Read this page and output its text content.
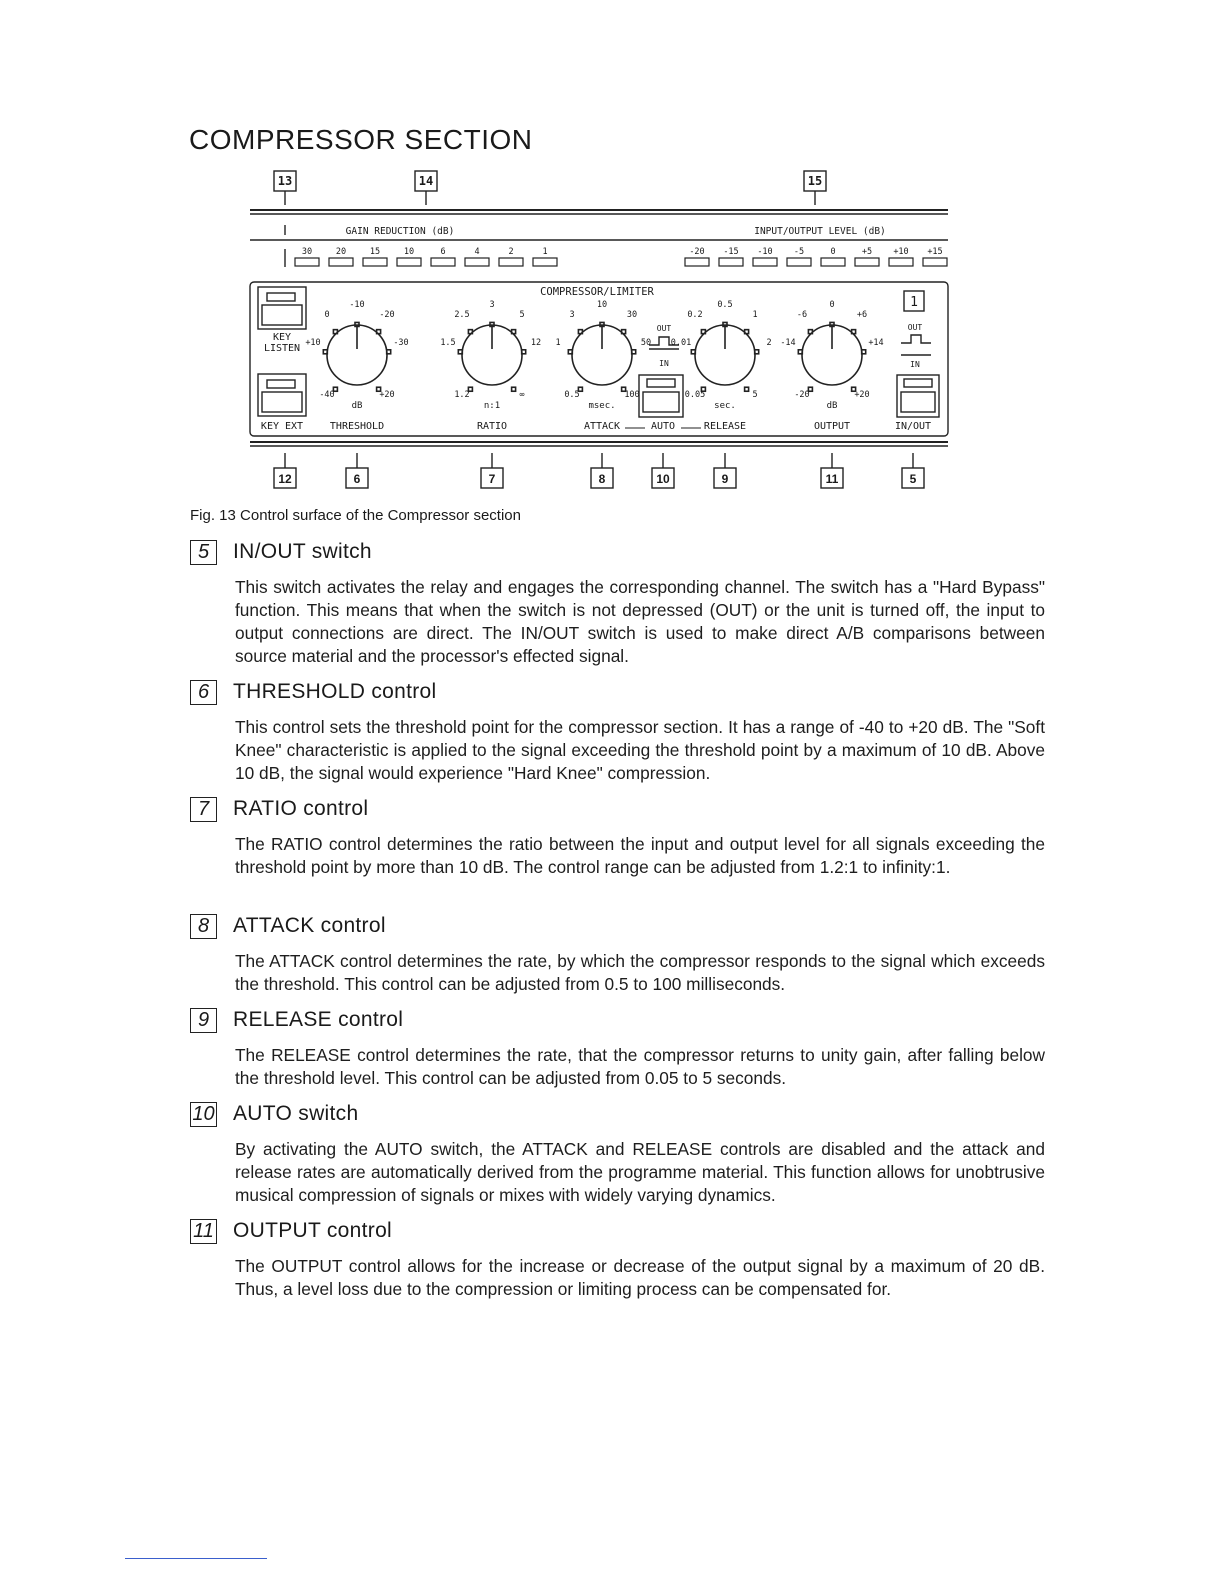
COMPRESSOR SECTION
12	6	7	8	10	9	11	5
13	14	15
GAIN REDUCTION (dB)	INPUT/OUTPUT LEVEL (dB)
30	20	15	10	6	4	2	1	-20 -15 -10 -5	0	+5 +10 +15
COMPRESSOR/LIMITER
1
KEY
LISTEN
KEY EXT	THRESHOLD	RATIO	ATTACK	AUTO	RELEASE	OUTPUT	IN/OUT
OUT
IN
OUT
IN
-10
0	-20
+10	-30
-40	+20
dB
3
2.5	5
1.5	12
1.2	∞
n:1
10
3	30
1	50
0.5	100
msec.
0.5
0.2	1
0.01	2
0.05	5
sec.
0
-6	+6
-14	+14
-20	+20
dB
Fig. 13 Control surface of the Compressor section
5	IN/OUT switch
This switch activates the relay and engages the corresponding channel. The switch has a "Hard Bypass" function. This means that when the switch is not depressed (OUT) or the unit is turned off, the input to output connections are direct. The IN/OUT switch is used to make direct A/B comparisons between source material and the processor's effected signal.
6	THRESHOLD control
This control sets the threshold point for the compressor section. It has a range of -40 to +20 dB. The "Soft Knee" characteristic is applied to the signal exceeding the threshold point by a maximum of 10 dB. Above 10 dB, the signal would experience "Hard Knee" compression.
7	RATIO control
The RATIO control determines the ratio between the input and output level for all signals exceeding the threshold point by more than 10 dB. The control range can be adjusted from 1.2:1 to infinity:1.
8	ATTACK control
The ATTACK control determines the rate, by which the compressor responds to the signal which exceeds the threshold. This control can be adjusted from 0.5 to 100 milliseconds.
9	RELEASE control
The RELEASE control determines the rate, that the compressor returns to unity gain, after falling below the threshold level. This control can be adjusted from 0.05 to 5 seconds.
10 AUTO switch
By activating the AUTO switch, the ATTACK and RELEASE controls are disabled and the attack and release rates are automatically derived from the programme material. This function allows for unobtrusive musical compression of signals or mixes with widely varying dynamics.
11 OUTPUT control
The OUTPUT control allows for the increase or decrease of the output signal by a maximum of 20 dB. Thus, a level loss due to the compression or limiting process can be compensated for.
